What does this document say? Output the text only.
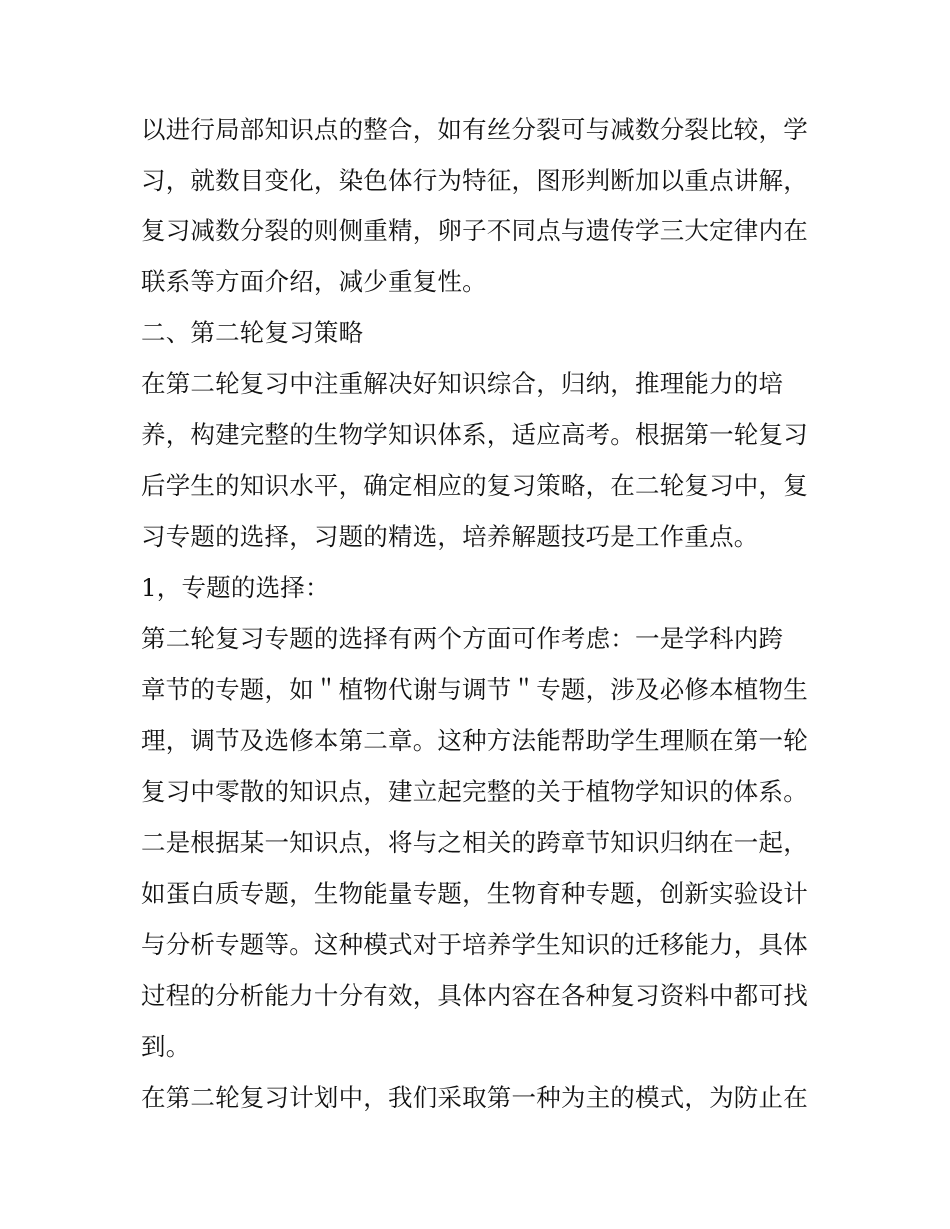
以进行局部知识点的整合，如有丝分裂可与减数分裂比较，学
习，就数目变化，染色体行为特征，图形判断加以重点讲解，
复习减数分裂的则侧重精，卵子不同点与遗传学三大定律内在
联系等方面介绍，减少重复性。
二、第二轮复习策略
在第二轮复习中注重解决好知识综合，归纳，推理能力的培
养，构建完整的生物学知识体系，适应高考。根据第一轮复习
后学生的知识水平，确定相应的复习策略，在二轮复习中，复
习专题的选择，习题的精选，培养解题技巧是工作重点。
1，专题的选择：
第二轮复习专题的选择有两个方面可作考虑：一是学科内跨
章节的专题，如＂植物代谢与调节＂专题，涉及必修本植物生
理，调节及选修本第二章。这种方法能帮助学生理顺在第一轮
复习中零散的知识点，建立起完整的关于植物学知识的体系。
二是根据某一知识点，将与之相关的跨章节知识归纳在一起，
如蛋白质专题，生物能量专题，生物育种专题，创新实验设计
与分析专题等。这种模式对于培养学生知识的迁移能力，具体
过程的分析能力十分有效，具体内容在各种复习资料中都可找
到。
在第二轮复习计划中，我们采取第一种为主的模式，为防止在
